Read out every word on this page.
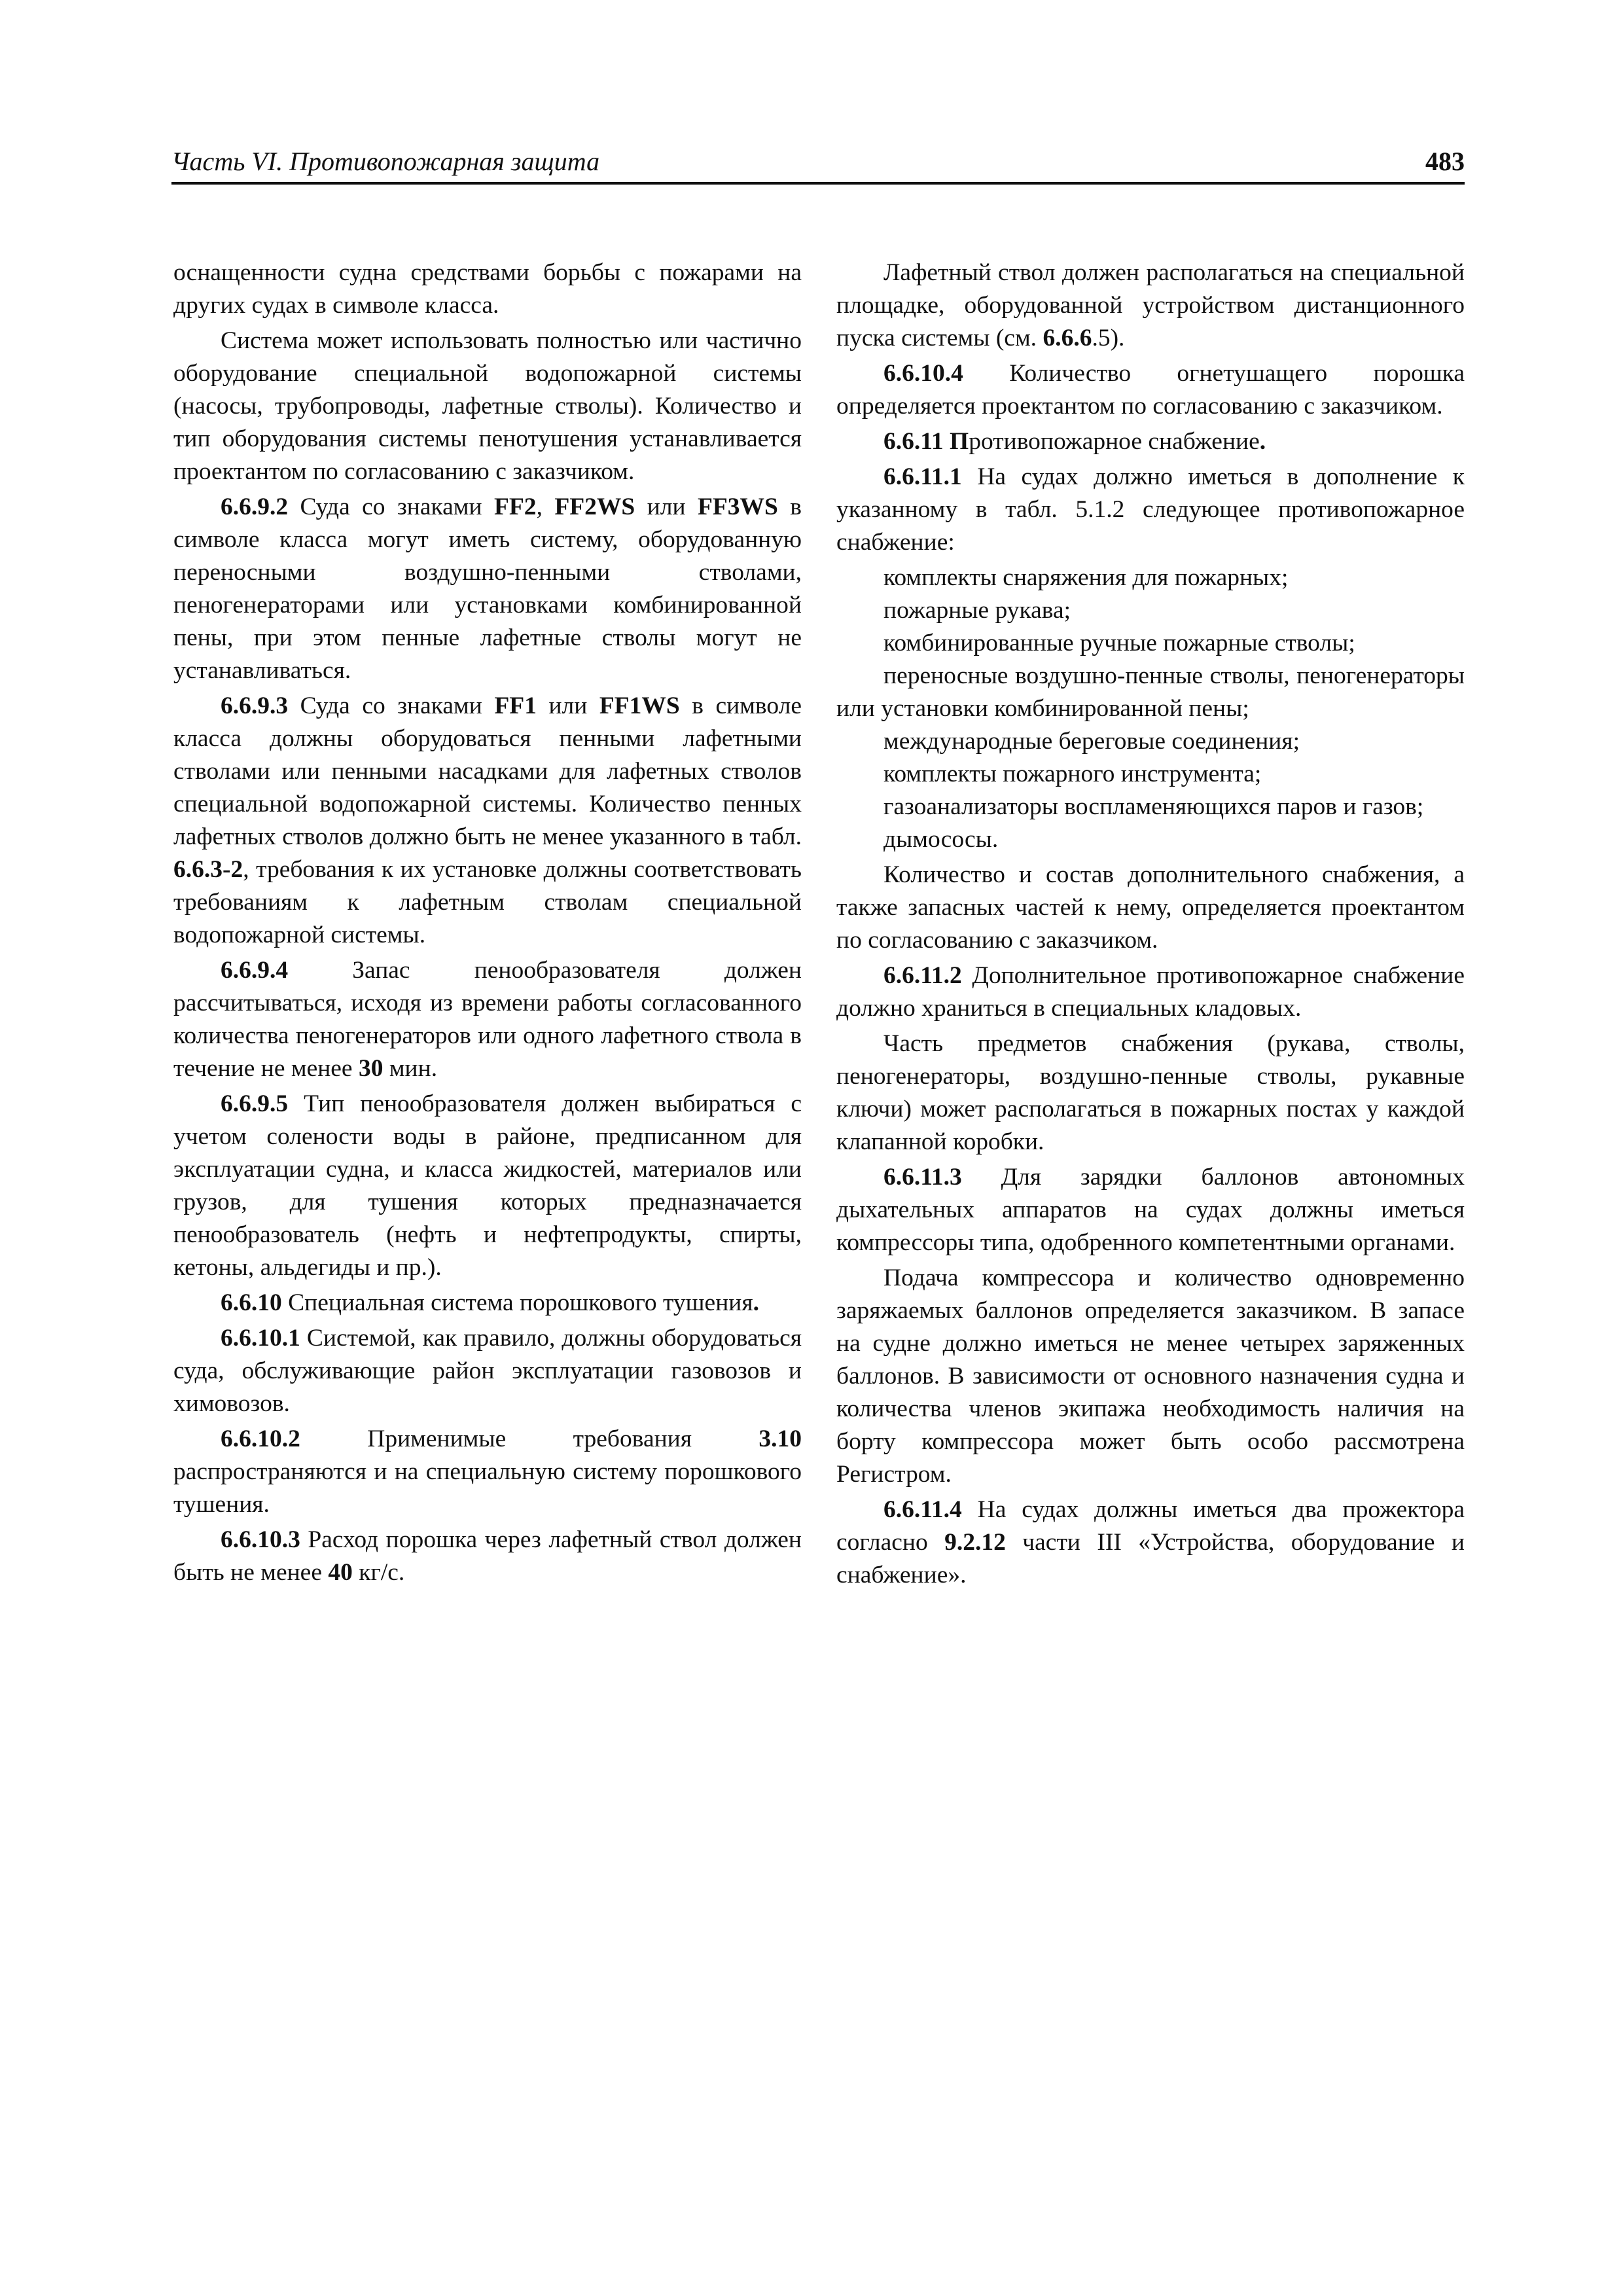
Часть VI. Противопожарная защита	483

оснащенности судна средствами борьбы с пожарами на других судах в символе класса.

Система может использовать полностью или частично оборудование специальной водопожарной системы (насосы, трубопроводы, лафетные стволы). Количество и тип оборудования системы пенотушения устанавливается проектантом по согласованию с заказчиком.

6.6.9.2 Суда со знаками FF2, FF2WS или FF3WS в символе класса могут иметь систему, оборудованную переносными воздушно-пенными стволами, пеногенераторами или установками комбинированной пены, при этом пенные лафетные стволы могут не устанавливаться.

6.6.9.3 Суда со знаками FF1 или FF1WS в символе класса должны оборудоваться пенными лафетными стволами или пенными насадками для лафетных стволов специальной водопожарной системы. Количество пенных лафетных стволов должно быть не менее указанного в табл. 6.6.3-2, требования к их установке должны соответствовать требованиям к лафетным стволам специальной водопожарной системы.

6.6.9.4 Запас пенообразователя должен рассчитываться, исходя из времени работы согласованного количества пеногенераторов или одного лафетного ствола в течение не менее 30 мин.

6.6.9.5 Тип пенообразователя должен выбираться с учетом солености воды в районе, предписанном для эксплуатации судна, и класса жидкостей, материалов или грузов, для тушения которых предназначается пенообразователь (нефть и нефтепродукты, спирты, кетоны, альдегиды и пр.).

6.6.10 Специальная система порошкового тушения.

6.6.10.1 Системой, как правило, должны оборудоваться суда, обслуживающие район эксплуатации газовозов и химовозов.

6.6.10.2 Применимые требования 3.10 распространяются и на специальную систему порошкового тушения.

6.6.10.3 Расход порошка через лафетный ствол должен быть не менее 40 кг/с.

Лафетный ствол должен располагаться на специальной площадке, оборудованной устройством дистанционного пуска системы (см. 6.6.6.5).

6.6.10.4 Количество огнетушащего порошка определяется проектантом по согласованию с заказчиком.

6.6.11 Противопожарное снабжение.

6.6.11.1 На судах должно иметься в дополнение к указанному в табл. 5.1.2 следующее противопожарное снабжение:

комплекты снаряжения для пожарных;

пожарные рукава;

комбинированные ручные пожарные стволы;

переносные воздушно-пенные стволы, пеногенераторы или установки комбинированной пены;

международные береговые соединения;

комплекты пожарного инструмента;

газоанализаторы воспламеняющихся паров и газов;

дымососы.

Количество и состав дополнительного снабжения, а также запасных частей к нему, определяется проектантом по согласованию с заказчиком.

6.6.11.2 Дополнительное противопожарное снабжение должно храниться в специальных кладовых.

Часть предметов снабжения (рукава, стволы, пеногенераторы, воздушно-пенные стволы, рукавные ключи) может располагаться в пожарных постах у каждой клапанной коробки.

6.6.11.3 Для зарядки баллонов автономных дыхательных аппаратов на судах должны иметься компрессоры типа, одобренного компетентными органами.

Подача компрессора и количество одновременно заряжаемых баллонов определяется заказчиком. В запасе на судне должно иметься не менее четырех заряженных баллонов. В зависимости от основного назначения судна и количества членов экипажа необходимость наличия на борту компрессора может быть особо рассмотрена Регистром.

6.6.11.4 На судах должны иметься два прожектора согласно 9.2.12 части III «Устройства, оборудование и снабжение».
